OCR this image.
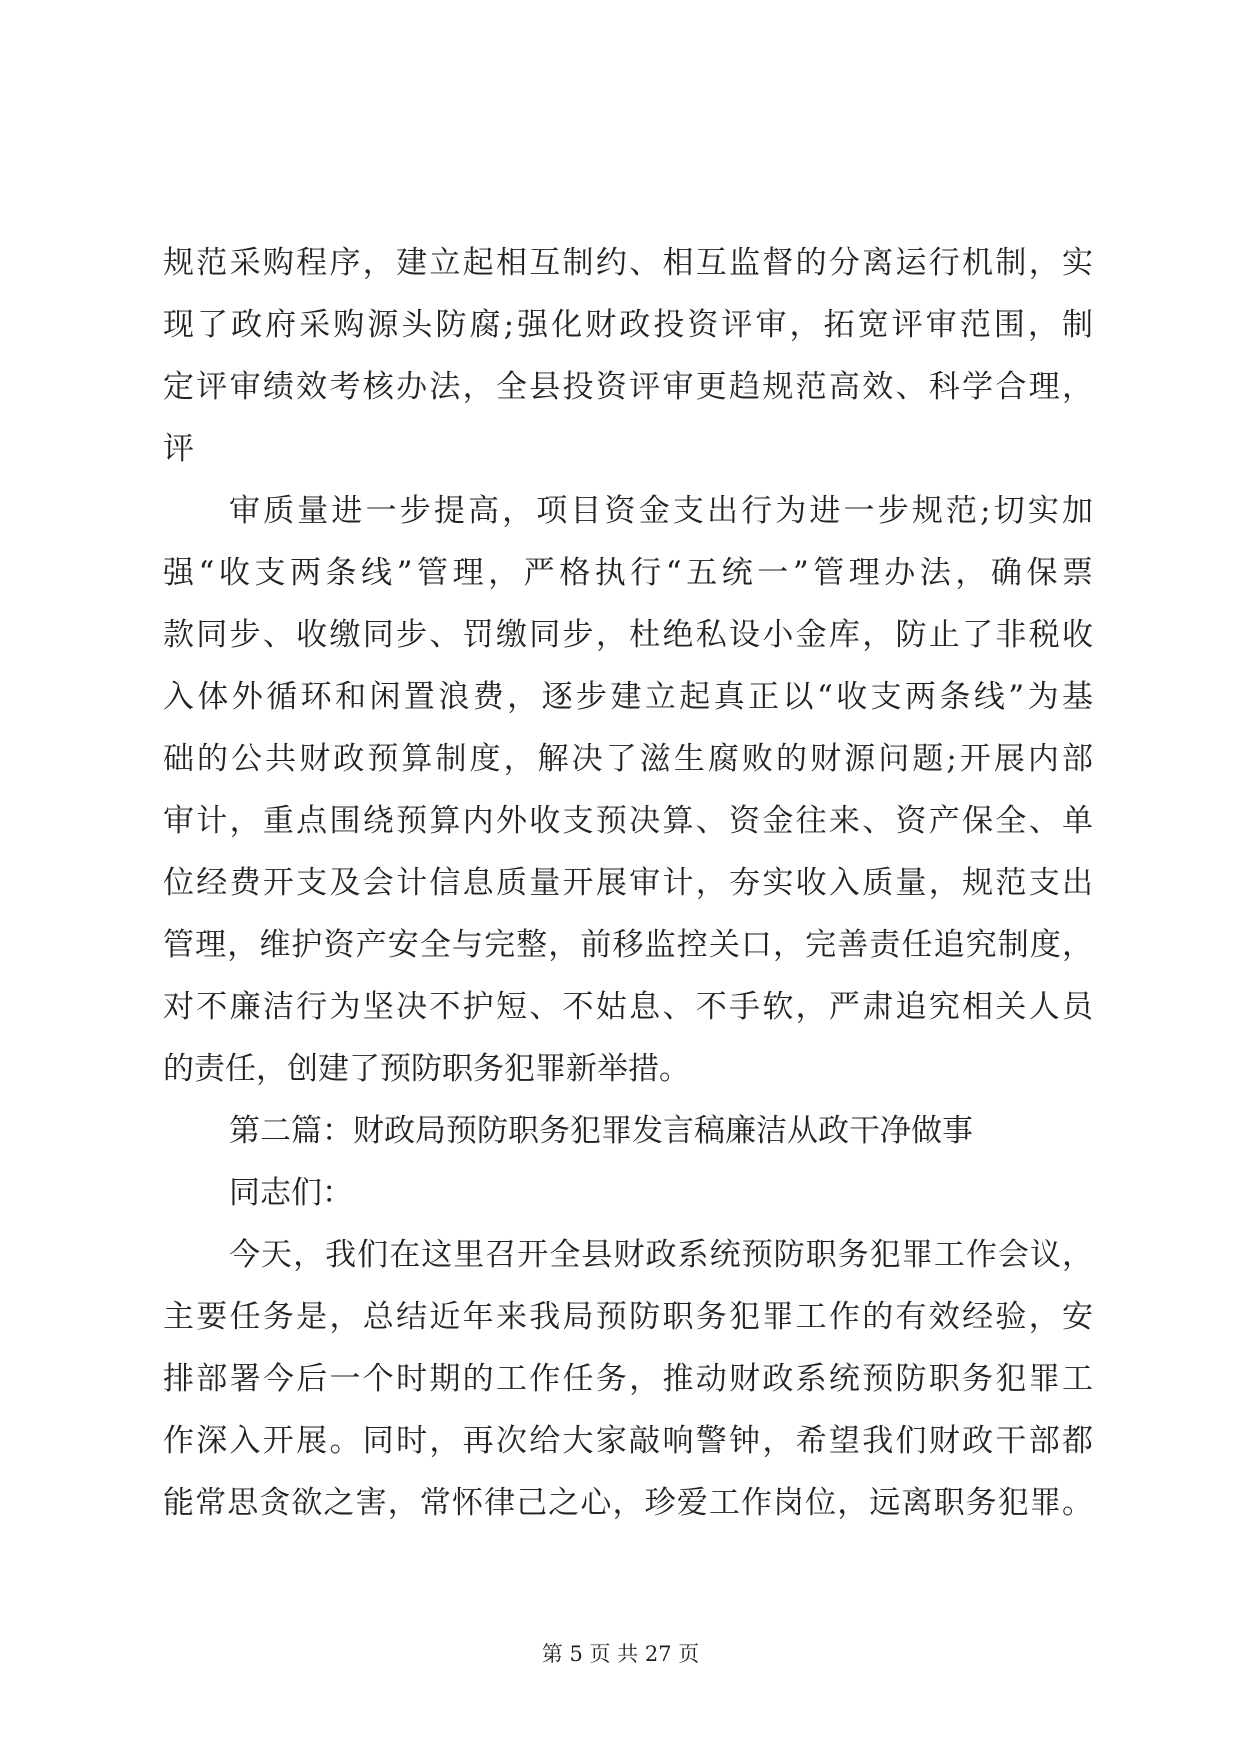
规范采购程序，建立起相互制约、相互监督的分离运行机制，实
现了政府采购源头防腐;强化财政投资评审，拓宽评审范围，制
定评审绩效考核办法，全县投资评审更趋规范高效、科学合理，
评
审质量进一步提高，项目资金支出行为进一步规范;切实加
强“收支两条线”管理，严格执行“五统一”管理办法，确保票
款同步、收缴同步、罚缴同步，杜绝私设小金库，防止了非税收
入体外循环和闲置浪费，逐步建立起真正以“收支两条线”为基
础的公共财政预算制度，解决了滋生腐败的财源问题;开展内部
审计，重点围绕预算内外收支预决算、资金往来、资产保全、单
位经费开支及会计信息质量开展审计，夯实收入质量，规范支出
管理，维护资产安全与完整，前移监控关口，完善责任追究制度，
对不廉洁行为坚决不护短、不姑息、不手软，严肃追究相关人员
的责任，创建了预防职务犯罪新举措。
第二篇：财政局预防职务犯罪发言稿廉洁从政干净做事
同志们：
今天，我们在这里召开全县财政系统预防职务犯罪工作会议，
主要任务是，总结近年来我局预防职务犯罪工作的有效经验，安
排部署今后一个时期的工作任务，推动财政系统预防职务犯罪工
作深入开展。同时，再次给大家敲响警钟，希望我们财政干部都
能常思贪欲之害，常怀律己之心，珍爱工作岗位，远离职务犯罪。
第 5 页 共 27 页
